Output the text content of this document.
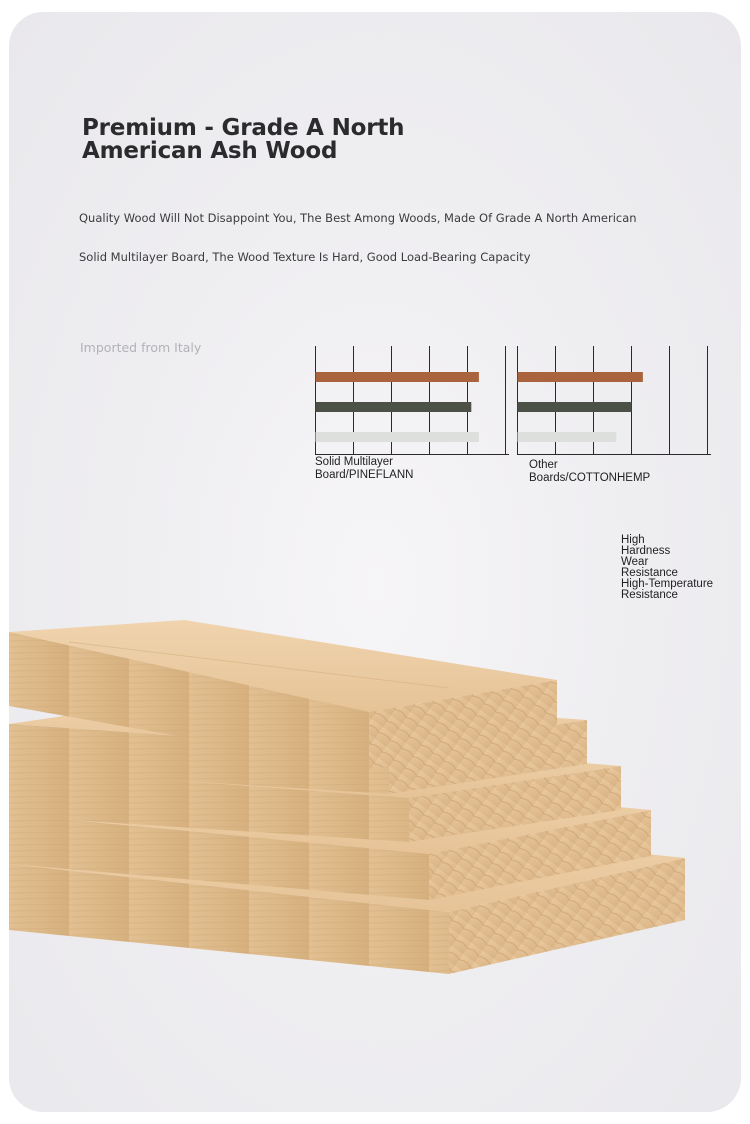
Premium - Grade A North
American Ash Wood

Quality Wood Will Not Disappoint You, The Best Among Woods, Made Of Grade A North American

Solid Multilayer Board, The Wood Texture Is Hard, Good Load-Bearing Capacity

Imported from Italy

Solid Multilayer
Board/PINEFLANN

Other
Boards/COTTONHEMP

High
Hardness
Wear
Resistance
High-Temperature
Resistance
